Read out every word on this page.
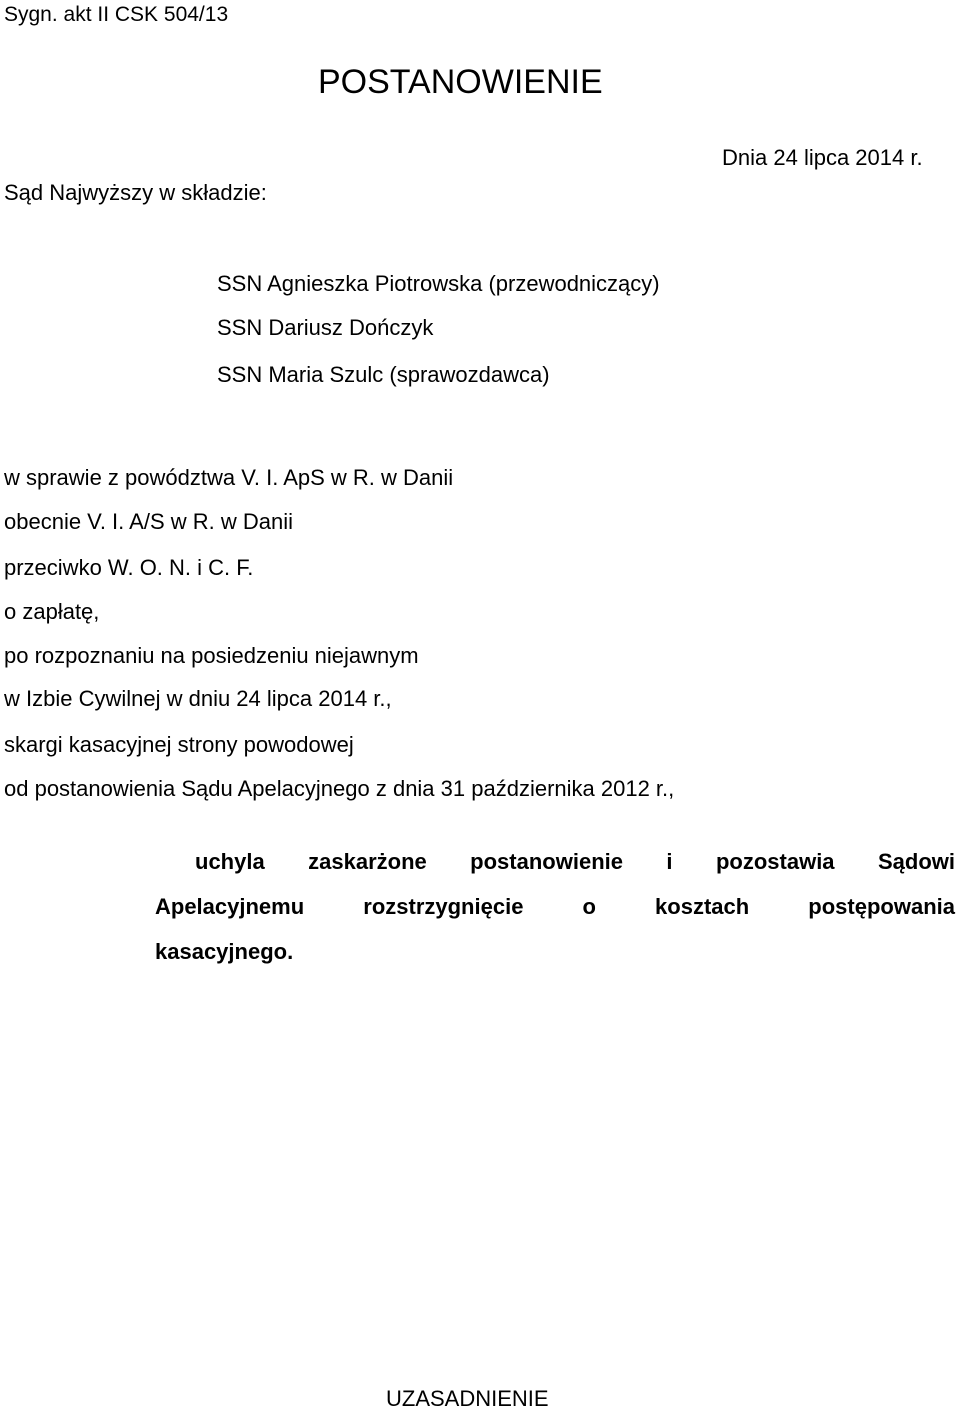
Sygn. akt II CSK 504/13
POSTANOWIENIE
Dnia 24 lipca 2014 r.
Sąd Najwyższy w składzie:
SSN Agnieszka Piotrowska (przewodniczący)
SSN Dariusz Dończyk
SSN Maria Szulc (sprawozdawca)
w sprawie z powództwa V. I. ApS w R. w Danii
obecnie V. I. A/S w R. w Danii
przeciwko W. O. N. i C. F.
o zapłatę,
po rozpoznaniu na posiedzeniu niejawnym
w Izbie Cywilnej w dniu 24 lipca 2014 r.,
skargi kasacyjnej strony powodowej
od postanowienia Sądu Apelacyjnego z dnia 31 października 2012 r.,
uchyla zaskarżone postanowienie i pozostawia Sądowi
Apelacyjnemu rozstrzygnięcie o kosztach postępowania
kasacyjnego.
UZASADNIENIE
